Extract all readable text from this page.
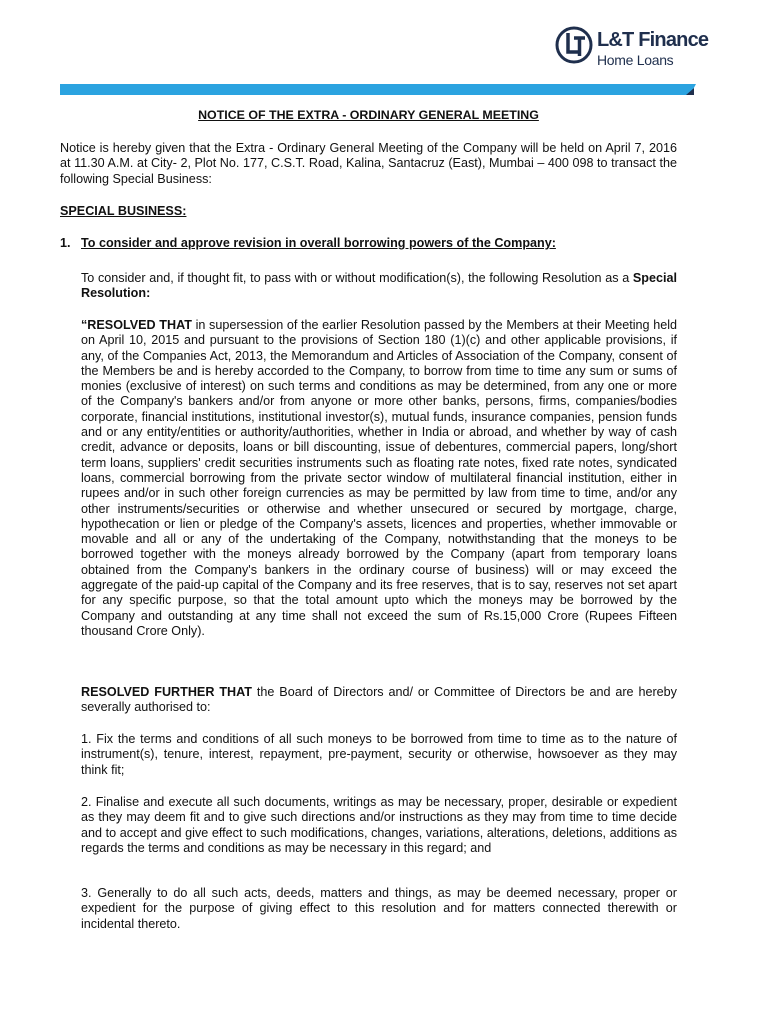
L&T Finance
Home Loans
NOTICE OF THE EXTRA - ORDINARY GENERAL MEETING

Notice is hereby given that the Extra - Ordinary General Meeting of the Company will be held on April 7, 2016 at 11.30 A.M. at City- 2, Plot No. 177, C.S.T. Road, Kalina, Santacruz (East), Mumbai – 400 098 to transact the following Special Business:

SPECIAL BUSINESS:
1. To consider and approve revision in overall borrowing powers of the Company:

To consider and, if thought fit, to pass with or without modification(s), the following Resolution as a Special Resolution:

“RESOLVED THAT in supersession of the earlier Resolution passed by the Members at their Meeting held on April 10, 2015 and pursuant to the provisions of Section 180 (1)(c) and other applicable provisions, if any, of the Companies Act, 2013, the Memorandum and Articles of Association of the Company, consent of the Members be and is hereby accorded to the Company, to borrow from time to time any sum or sums of monies (exclusive of interest) on such terms and conditions as may be determined, from any one or more of the Company's bankers and/or from anyone or more other banks, persons, firms, companies/bodies corporate, financial institutions, institutional investor(s), mutual funds, insurance companies, pension funds and or any entity/entities or authority/authorities, whether in India or abroad, and whether by way of cash credit, advance or deposits, loans or bill discounting, issue of debentures, commercial papers, long/short term loans, suppliers' credit securities instruments such as floating rate notes, fixed rate notes, syndicated loans, commercial borrowing from the private sector window of multilateral financial institution, either in rupees and/or in such other foreign currencies as may be permitted by law from time to time, and/or any other instruments/securities or otherwise and whether unsecured or secured by mortgage, charge, hypothecation or lien or pledge of the Company's assets, licences and properties, whether immovable or movable and all or any of the undertaking of the Company, notwithstanding that the moneys to be borrowed together with the moneys already borrowed by the Company (apart from temporary loans obtained from the Company's bankers in the ordinary course of business) will or may exceed the aggregate of the paid-up capital of the Company and its free reserves, that is to say, reserves not set apart for any specific purpose, so that the total amount upto which the moneys may be borrowed by the Company and outstanding at any time shall not exceed the sum of Rs.15,000 Crore (Rupees Fifteen thousand Crore Only).

RESOLVED FURTHER THAT the Board of Directors and/ or Committee of Directors be and are hereby severally authorised to:

1. Fix the terms and conditions of all such moneys to be borrowed from time to time as to the nature of instrument(s), tenure, interest, repayment, pre-payment, security or otherwise, howsoever as they may think fit;

2. Finalise and execute all such documents, writings as may be necessary, proper, desirable or expedient as they may deem fit and to give such directions and/or instructions as they may from time to time decide and to accept and give effect to such modifications, changes, variations, alterations, deletions, additions as regards the terms and conditions as may be necessary in this regard; and

3. Generally to do all such acts, deeds, matters and things, as may be deemed necessary, proper or expedient for the purpose of giving effect to this resolution and for matters connected therewith or incidental thereto.
